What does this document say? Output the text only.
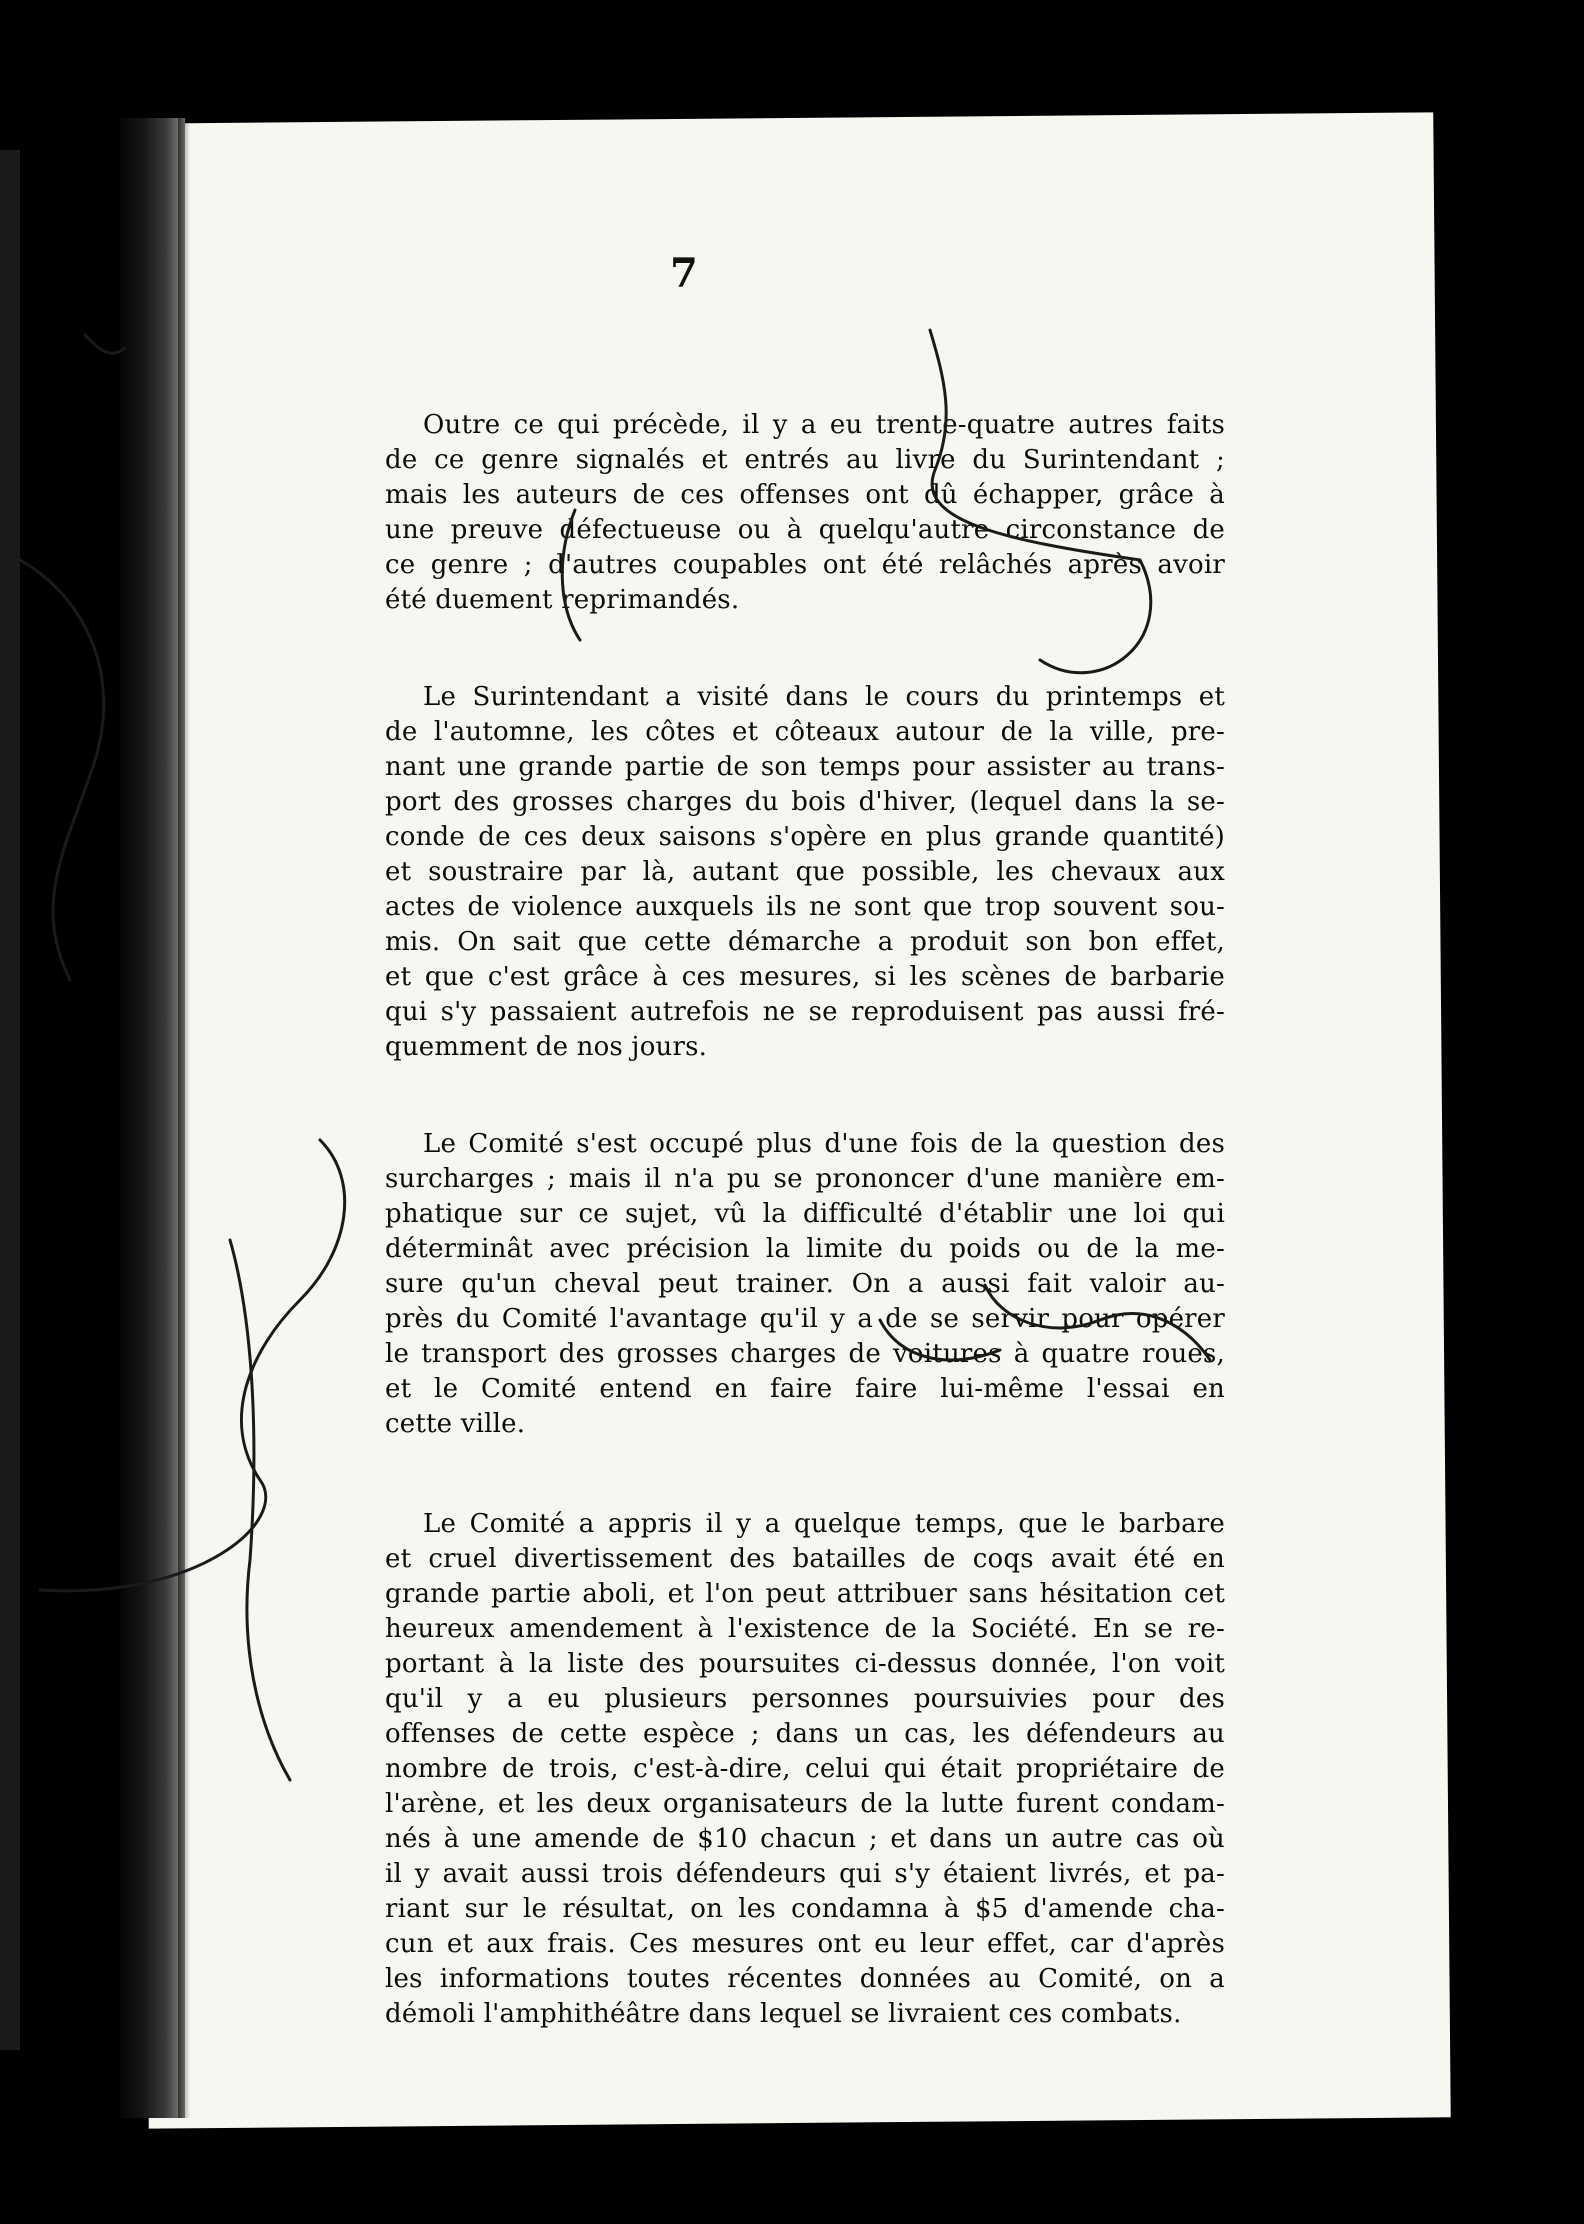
7
Outre ce qui précède, il y a eu trente-quatre autres faits
de ce genre signalés et entrés au livre du Surintendant ;
mais les auteurs de ces offenses ont dû échapper, grâce à
une preuve défectueuse ou à quelqu'autre circonstance de
ce genre ; d'autres coupables ont été relâchés après avoir
été duement reprimandés.
Le Surintendant a visité dans le cours du printemps et
de l'automne, les côtes et côteaux autour de la ville, pre-
nant une grande partie de son temps pour assister au trans-
port des grosses charges du bois d'hiver, (lequel dans la se-
conde de ces deux saisons s'opère en plus grande quantité)
et soustraire par là, autant que possible, les chevaux aux
actes de violence auxquels ils ne sont que trop souvent sou-
mis. On sait que cette démarche a produit son bon effet,
et que c'est grâce à ces mesures, si les scènes de barbarie
qui s'y passaient autrefois ne se reproduisent pas aussi fré-
quemment de nos jours.
Le Comité s'est occupé plus d'une fois de la question des
surcharges ; mais il n'a pu se prononcer d'une manière em-
phatique sur ce sujet, vû la difficulté d'établir une loi qui
déterminât avec précision la limite du poids ou de la me-
sure qu'un cheval peut trainer. On a aussi fait valoir au-
près du Comité l'avantage qu'il y a de se servir pour opérer
le transport des grosses charges de voitures à quatre roues,
et le Comité entend en faire faire lui-même l'essai en
cette ville.
Le Comité a appris il y a quelque temps, que le barbare
et cruel divertissement des batailles de coqs avait été en
grande partie aboli, et l'on peut attribuer sans hésitation cet
heureux amendement à l'existence de la Société. En se re-
portant à la liste des poursuites ci-dessus donnée, l'on voit
qu'il y a eu plusieurs personnes poursuivies pour des
offenses de cette espèce ; dans un cas, les défendeurs au
nombre de trois, c'est-à-dire, celui qui était propriétaire de
l'arène, et les deux organisateurs de la lutte furent condam-
nés à une amende de $10 chacun ; et dans un autre cas où
il y avait aussi trois défendeurs qui s'y étaient livrés, et pa-
riant sur le résultat, on les condamna à $5 d'amende cha-
cun et aux frais. Ces mesures ont eu leur effet, car d'après
les informations toutes récentes données au Comité, on a
démoli l'amphithéâtre dans lequel se livraient ces combats.
